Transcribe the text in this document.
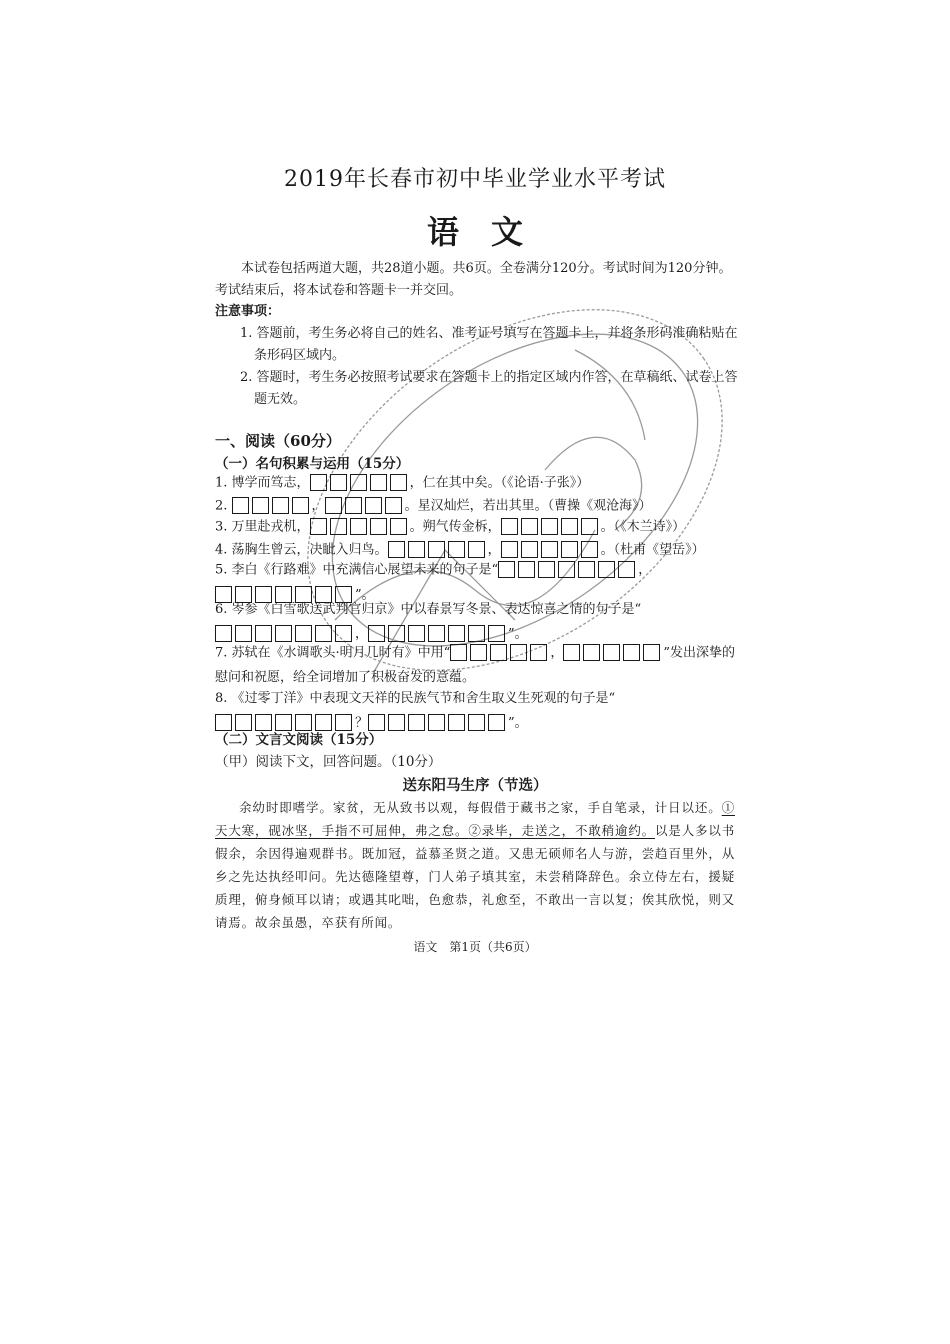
2019年长春市初中毕业学业水平考试
语文
本试卷包括两道大题，共28道小题。共6页。全卷满分120分。考试时间为120分钟。考试结束后，将本试卷和答题卡一并交回。
注意事项：
1. 答题前，考生务必将自己的姓名、准考证号填写在答题卡上，并将条形码准确粘贴在条形码区域内。
2. 答题时，考生务必按照考试要求在答题卡上的指定区域内作答，在草稿纸、试卷上答题无效。
一、阅读（60分）
（一）名句积累与运用（15分）
1. 博学而笃志，	，仁在其中矣。（《论语·子张》）
2.	，	。星汉灿烂，若出其里。（曹操《观沧海》）
3. 万里赴戎机，	。朔气传金柝，	。（《木兰诗》）
4. 荡胸生曾云，决眦入归鸟。	，	。（杜甫《望岳》）
5. 李白《行路难》中充满信心展望未来的句子是“	，”。
6. 岑参《白雪歌送武判官归京》中以春景写冬景、表达惊喜之情的句子是“，	”。
7. 苏轼在《水调歌头·明月几时有》中用“	，	”发出深挚的慰问和祝愿，给全词增加了积极奋发的意蕴。
8. 《过零丁洋》中表现文天祥的民族气节和舍生取义生死观的句子是“？	”。
（二）文言文阅读（15分）
（甲）阅读下文，回答问题。（10分）
送东阳马生序（节选）
余幼时即嗜学。家贫，无从致书以观，每假借于藏书之家，手自笔录，计日以还。①天大寒，砚冰坚，手指不可屈伸，弗之怠。②录毕，走送之，不敢稍逾约。以是人多以书假余，余因得遍观群书。既加冠，益慕圣贤之道。又患无硕师名人与游，尝趋百里外，从乡之先达执经叩问。先达德隆望尊，门人弟子填其室，未尝稍降辞色。余立侍左右，援疑质理，俯身倾耳以请；或遇其叱咄，色愈恭，礼愈至，不敢出一言以复；俟其欣悦，则又请焉。故余虽愚，卒获有所闻。
语文　第1页（共6页）
